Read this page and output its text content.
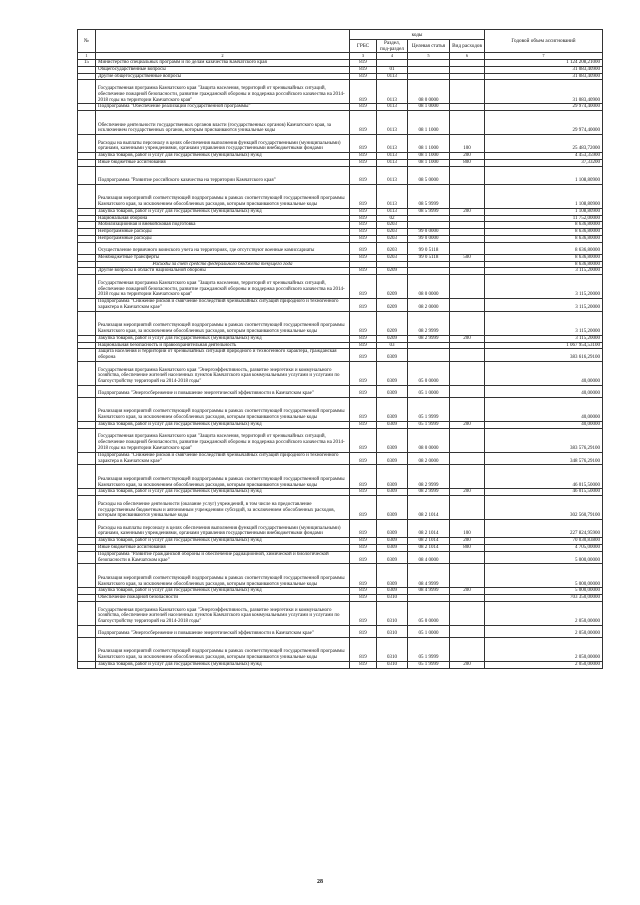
№		коды				Годовой объем ассигнований
		ГРБС	Раздел, под-раздел	Целевая статья	Вид расходов	
1	2	3	4	5	6	7
15	Министерство специальных программ и по делам казачества Камчатского края	819				1 124 208,21000
	Общегосударственные вопросы	819	01			31 083,40900
	Другие общегосударственные вопросы	819	0113			31 083,40900
	Государственная программа Камчатского края "Защита населения, территорий от чрезвычайных ситуаций, обеспечение пожарной безопасности, развитие гражданской обороны и поддержка российского казачества на 2014-2018 годы на территории Камчатского края"	819	0113	08 0 0000		31 083,40900
	Подпрограмма "Обеспечение реализации государственной программы"	819	0113	08 1 0000		29 974,40000
	Обеспечение деятельности государственных органов власти (государственных органов) Камчатского края, за исключением государственных органов, которым присваиваются уникальные коды	819	0113	08 1 1000		29 974,40000
	Расходы на выплаты персоналу в целях обеспечения выполнения функций государственными (муниципальными) органами, казенными учреждениями, органами управления государственными внебюджетными фондами	819	0113	08 1 1000	100	25 483,72000
	Закупка товаров, работ и услуг для государственных (муниципальных) нужд	819	0113	08 1 1000	200	4 453,35900
	Иные бюджетные ассигнования	819	0113	08 1 1000	800	37,33200
	Подпрограмма "Развитие российского казачества на территории Камчатского края"	819	0113	08 5 0000		1 108,80900
	Реализация мероприятий соответствующей подпрограммы в рамках соответствующей государственной программы Камчатского края, за исключением обособленных расходов, которым присваиваются уникальные коды	819	0113	08 5 9999		1 108,80900
	Закупка товаров, работ и услуг для государственных (муниципальных) нужд	819	0113	08 5 9999	200	1 108,80900
	Национальная оборона	819	02			11 752,00000
	Мобилизационная и вневойсковая подготовка	819	0203			8 636,80000
	Непрограммные расходы	819	0203	99 0 0000		8 636,80000
	Непрограммные расходы	819	0203	99 0 0000		8 636,80000
	Осуществление первичного воинского учета на территориях, где отсутствуют военные комиссариаты	819	0203	99 0 5118		8 636,80000
	Межбюджетные трансферты	819	0203	99 0 5118	500	8 636,80000
	Расходы за счет средств федерального бюджета текущего года					8 636,80000
	Другие вопросы в области национальной обороны	819	0209			3 115,20000
	Государственная программа Камчатского края "Защита населения, территорий от чрезвычайных ситуаций, обеспечение пожарной безопасности, развитие гражданской обороны и поддержка российского казачества на 2014-2018 годы на территории Камчатского края"	819	0209	08 0 0000		3 115,20000
	Подпрограмма "Снижение рисков и смягчение последствий чрезвычайных ситуаций природного и техногенного характера в Камчатском крае"	819	0209	08 2 0000		3 115,20000
	Реализация мероприятий соответствующей подпрограммы в рамках соответствующей государственной программы Камчатского края, за исключением обособленных расходов, которым присваиваются уникальные коды	819	0209	08 2 9999		3 115,20000
	Закупка товаров, работ и услуг для государственных (муниципальных) нужд	819	0209	08 2 9999	200	3 115,20000
	Национальная безопасность и правоохранительная деятельность	819	03			1 067 954,53100
	Защита населения и территории от чрезвычайных ситуаций природного и техногенного характера, гражданская оборона	819	0309			383 616,29100
	Государственная программа Камчатского края "Энергоэффективность, развитие энергетики и коммунального хозяйства, обеспечение жителей населенных пунктов Камчатского края коммунальными услугами и услугами по благоустройству территорий на 2014-2018 годы"	819	0309	05 0 0000		40,00000
	Подпрограмма "Энергосбережение и повышение энергетической эффективности в Камчатском крае"	819	0309	05 1 0000		40,00000
	Реализация мероприятий соответствующей подпрограммы в рамках соответствующей государственной программы Камчатского края, за исключением обособленных расходов, которым присваиваются уникальные коды	819	0309	05 1 9999		40,00000
	Закупка товаров, работ и услуг для государственных (муниципальных) нужд	819	0309	05 1 9999	200	40,00000
	Государственная программа Камчатского края "Защита населения, территорий от чрезвычайных ситуаций, обеспечение пожарной безопасности, развитие гражданской обороны и поддержка российского казачества на 2014-2018 годы на территории Камчатского края"	819	0309	08 0 0000		383 576,29100
	Подпрограмма "Снижение рисков и смягчение последствий чрезвычайных ситуаций природного и техногенного характера в Камчатском крае"	819	0309	08 2 0000		348 576,29100
	Реализация мероприятий соответствующей подпрограммы в рамках соответствующей государственной программы Камчатского края, за исключением обособленных расходов, которым присваиваются уникальные коды	819	0309	08 2 9999		46 015,50000
	Закупка товаров, работ и услуг для государственных (муниципальных) нужд	819	0309	08 2 9999	200	46 015,50000
	Расходы на обеспечение деятельности (оказание услуг) учреждений, в том числе на предоставление государственным бюджетным и автономным учреждениям субсидий, за исключением обособленных расходов, которым присваиваются уникальные коды	819	0309	08 2 1014		302 560,79100
	Расходы на выплаты персоналу в целях обеспечения выполнения функций государственными (муниципальными) органами, казенными учреждениями, органами управления государственными внебюджетными фондами	819	0309	08 2 1014	100	227 824,95900
	Закупка товаров, работ и услуг для государственных (муниципальных) нужд	819	0309	08 2 1014	200	70 030,83800
	Иные бюджетные ассигнования	819	0309	08 2 1014	800	4 705,00000
	Подпрограмма "Развитие гражданской обороны и обеспечение радиационной, химической и биологической безопасности в Камчатском крае"	819	0309	08 4 0000		5 000,00000
	Реализация мероприятий соответствующей подпрограммы в рамках соответствующей государственной программы Камчатского края, за исключением обособленных расходов, которым присваиваются уникальные коды	819	0309	08 4 9999		5 000,00000
	Закупка товаров, работ и услуг для государственных (муниципальных) нужд	819	0309	08 4 9999	200	5 000,00000
	Обеспечение пожарной безопасности	819	0310			703 350,00000
	Государственная программа Камчатского края "Энергоэффективность, развитие энергетики и коммунального хозяйства, обеспечение жителей населенных пунктов Камчатского края коммунальными услугами и услугами по благоустройству территорий на 2014-2018 годы"	819	0310	05 0 0000		2 050,00000
	Подпрограмма "Энергосбережение и повышение энергетической эффективности в Камчатском крае"	819	0310	05 1 0000		2 050,00000
	Реализация мероприятий соответствующей подпрограммы в рамках соответствующей государственной программы Камчатского края, за исключением обособленных расходов, которым присваиваются уникальные коды	819	0310	05 1 9999		2 050,00000
	Закупка товаров, работ и услуг для государственных (муниципальных) нужд	819	0310	05 1 9999	200	2 050,00000
28
